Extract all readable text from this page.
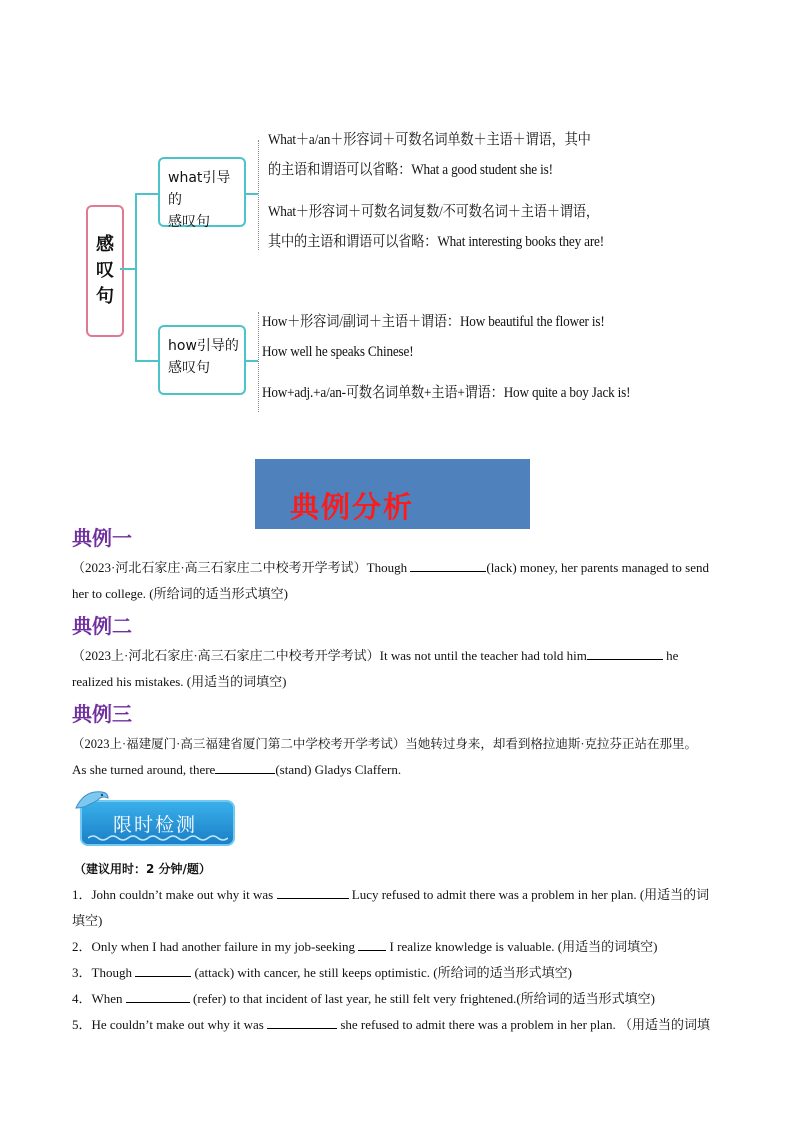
感
叹
句
what引导的
感叹句
how引导的
感叹句
What＋a/an＋形容词＋可数名词单数＋主语＋谓语，其中
的主语和谓语可以省略：What a good student she is!
What＋形容词＋可数名词复数/不可数名词＋主语＋谓语，
其中的主语和谓语可以省略：What interesting books they are!
How＋形容词/副词＋主语＋谓语：How beautiful the flower is!
How well he speaks Chinese!
How+adj.+a/an-可数名词单数+主语+谓语：How quite a boy Jack is!
典例分析
典例一
（2023·河北石家庄·高三石家庄二中校考开学考试）Though	(lack) money, her parents managed to send
her to college. (所给词的适当形式填空)
典例二
（2023上·河北石家庄·高三石家庄二中校考开学考试）It was not until the teacher had told him	he
realized his mistakes. (用适当的词填空)
典例三
（2023上·福建厦门·高三福建省厦门第二中学校考开学考试）当她转过身来，却看到格拉迪斯·克拉芬正站在那里。
As she turned around, there	(stand) Gladys Claffern.
限时检测
（建议用时：2 分钟/题）
1．John couldn’t make out why it was	Lucy refused to admit there was a problem in her plan. (用适当的词
填空)
2．Only when I had another failure in my job-seeking  I realize knowledge is valuable. (用适当的词填空)
3．Though	(attack) with cancer, he still keeps optimistic. (所给词的适当形式填空)
4．When	(refer) to that incident of last year, he still felt very frightened.(所给词的适当形式填空)
5．He couldn’t make out why it was	she refused to admit there was a problem in her plan. （用适当的词填
